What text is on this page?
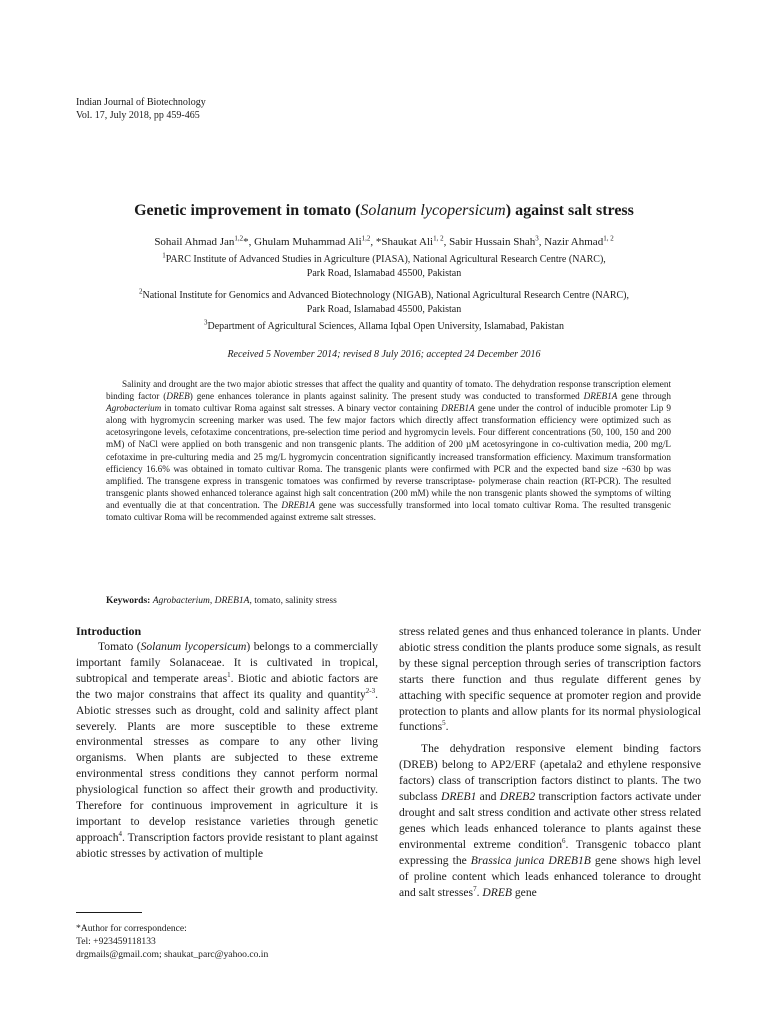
Indian Journal of Biotechnology
Vol. 17, July 2018, pp 459-465
Genetic improvement in tomato (Solanum lycopersicum) against salt stress
Sohail Ahmad Jan$^{1,2}$*, Ghulam Muhammad Ali$^{1,2}$, *Shaukat Ali$^{1, 2}$, Sabir Hussain Shah$^3$, Nazir Ahmad$^{1, 2}$
$^1$PARC Institute of Advanced Studies in Agriculture (PIASA), National Agricultural Research Centre (NARC),
Park Road, Islamabad 45500, Pakistan
$^2$National Institute for Genomics and Advanced Biotechnology (NIGAB), National Agricultural Research Centre (NARC),
Park Road, Islamabad 45500, Pakistan
$^3$Department of Agricultural Sciences, Allama Iqbal Open University, Islamabad, Pakistan
Received 5 November 2014; revised 8 July 2016; accepted 24 December 2016

Salinity and drought are the two major abiotic stresses that affect the quality and quantity of tomato. The dehydration response transcription element binding factor (DREB) gene enhances tolerance in plants against salinity. The present study was conducted to transformed DREB1A gene through Agrobacterium in tomato cultivar Roma against salt stresses. A binary vector containing DREB1A gene under the control of inducible promoter Lip 9 along with hygromycin screening marker was used. The few major factors which directly affect transformation efficiency were optimized such as acetosyringone levels, cefotaxime concentrations, pre-selection time period and hygromycin levels. Four different concentrations (50, 100, 150 and 200 mM) of NaCl were applied on both transgenic and non transgenic plants. The addition of 200 µM acetosyringone in co-cultivation media, 200 mg/L cefotaxime in pre-culturing media and 25 mg/L hygromycin concentration significantly increased transformation efficiency. Maximum transformation efficiency 16.6% was obtained in tomato cultivar Roma. The transgenic plants were confirmed with PCR and the expected band size ~630 bp was amplified. The transgene express in transgenic tomatoes was confirmed by reverse transcriptase- polymerase chain reaction (RT-PCR). The resulted transgenic plants showed enhanced tolerance against high salt concentration (200 mM) while the non transgenic plants showed the symptoms of wilting and eventually die at that concentration. The DREB1A gene was successfully transformed into local tomato cultivar Roma. The resulted transgenic tomato cultivar Roma will be recommended against extreme salt stresses.

Keywords: Agrobacterium, DREB1A, tomato, salinity stress
Introduction

Tomato (Solanum lycopersicum) belongs to a commercially important family Solanaceae. It is cultivated in tropical, subtropical and temperate areas$^1$. Biotic and abiotic factors are the two major constrains that affect its quality and quantity$^{2-3}$. Abiotic stresses such as drought, cold and salinity affect plant severely. Plants are more susceptible to these extreme environmental stresses as compare to any other living organisms. When plants are subjected to these extreme environmental stress conditions they cannot perform normal physiological function so affect their growth and productivity. Therefore for continuous improvement in agriculture it is important to develop resistance varieties through genetic approach$^4$. Transcription factors provide resistant to plant against abiotic stresses by activation of multiple

stress related genes and thus enhanced tolerance in plants. Under abiotic stress condition the plants produce some signals, as result by these signal perception through series of transcription factors starts there function and thus regulate different genes by attaching with specific sequence at promoter region and provide protection to plants and allow plants for its normal physiological functions$^5$.

The dehydration responsive element binding factors (DREB) belong to AP2/ERF (apetala2 and ethylene responsive factors) class of transcription factors distinct to plants. The two subclass DREB1 and DREB2 transcription factors activate under drought and salt stress condition and activate other stress related genes which leads enhanced tolerance to plants against these environmental extreme condition$^6$. Transgenic tobacco plant expressing the Brassica junica DREB1B gene shows high level of proline content which leads enhanced tolerance to drought and salt stresses$^7$. DREB gene

*Author for correspondence:
Tel: +923459118133
drgmails@gmail.com; shaukat_parc@yahoo.co.in
